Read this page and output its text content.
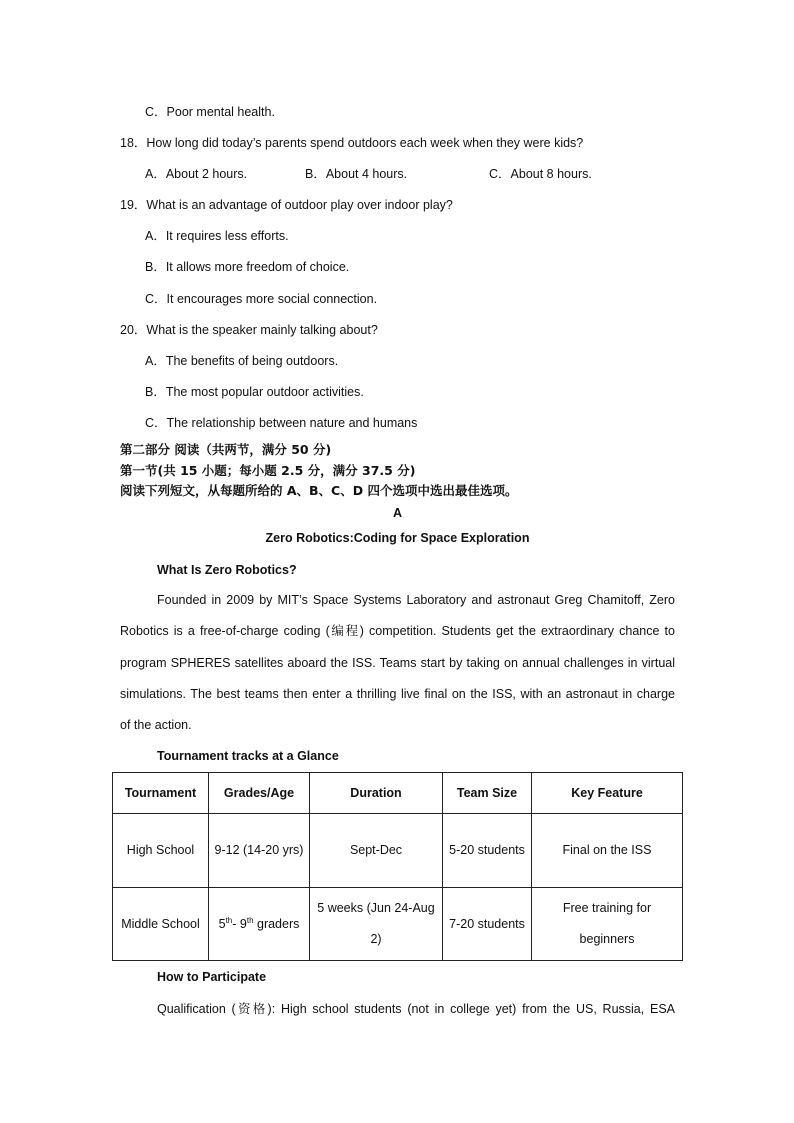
C．Poor mental health.
18．How long did today’s parents spend outdoors each week when they were kids?
A．About 2 hours.	B．About 4 hours.	C．About 8 hours.
19．What is an advantage of outdoor play over indoor play?
A．It requires less efforts.
B．It allows more freedom of choice.
C．It encourages more social connection.
20．What is the speaker mainly talking about?
A．The benefits of being outdoors.
B．The most popular outdoor activities.
C．The relationship between nature and humans
第二部分 阅读（共两节，满分 50 分)
第一节(共 15 小题；每小题 2.5 分，满分 37.5 分)
阅读下列短文，从每题所给的 A、B、C、D 四个选项中选出最佳选项。
A
Zero Robotics:Coding for Space Exploration
What Is Zero Robotics?
Founded in 2009 by MIT’s Space Systems Laboratory and astronaut Greg Chamitoff, Zero
Robotics is a free-of-charge coding (编程) competition. Students get the extraordinary chance to
program SPHERES satellites aboard the ISS. Teams start by taking on annual challenges in virtual
simulations. The best teams then enter a thrilling live final on the ISS, with an astronaut in charge
of the action.
Tournament tracks at a Glance
Tournament	Grades/Age	Duration	Team Size	Key Feature
High School	9-12 (14-20 yrs)	Sept-Dec	5-20 students	Final on the ISS
Middle School	5th- 9th graders	5 weeks (Jun 24-Aug 2)	7-20 students	Free training for beginners
How to Participate
Qualification (资格): High school students (not in college yet) from the US, Russia, ESA
